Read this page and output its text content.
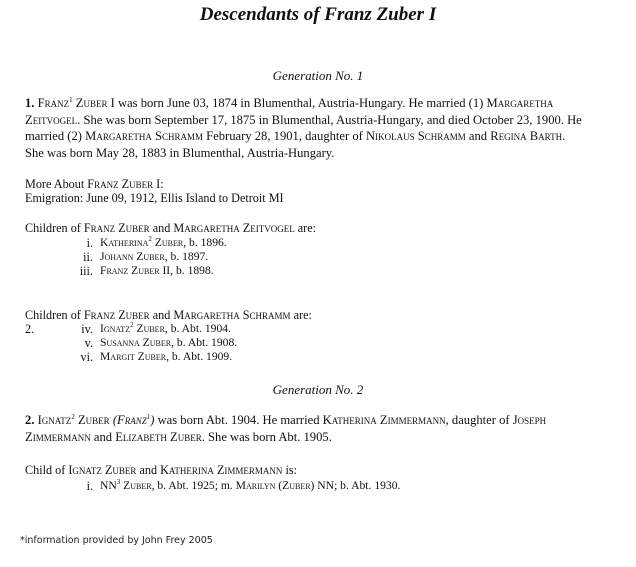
Descendants of Franz Zuber I
Generation No. 1
1. Franz$^1$ Zuber I was born June 03, 1874 in Blumenthal, Austria-Hungary. He married (1) Margaretha
Zeitvogel. She was born September 17, 1875 in Blumenthal, Austria-Hungary, and died October 23, 1900. He
married (2) Margaretha Schramm February 28, 1901, daughter of Nikolaus Schramm and Regina Barth.
She was born May 28, 1883 in Blumenthal, Austria-Hungary.
More About Franz Zuber I:
Emigration: June 09, 1912, Ellis Island to Detroit MI
Children of Franz Zuber and Margaretha Zeitvogel are:
i. Katherina$^2$ Zuber, b. 1896.
ii. Johann Zuber, b. 1897.
iii. Franz Zuber II, b. 1898.
Children of Franz Zuber and Margaretha Schramm are:
2.	iv. Ignatz$^2$ Zuber, b. Abt. 1904.
v. Susanna Zuber, b. Abt. 1908.
vi. Margit Zuber, b. Abt. 1909.
Generation No. 2
2. Ignatz$^2$ Zuber (Franz$^1$) was born Abt. 1904. He married Katherina Zimmermann, daughter of Joseph
Zimmermann and Elizabeth Zuber. She was born Abt. 1905.
Child of Ignatz Zuber and Katherina Zimmermann is:
i. $NN^3$ Zuber, b. Abt. 1925; m. Marilyn (Zuber) NN; b. Abt. 1930.
*information provided by John Frey 2005
